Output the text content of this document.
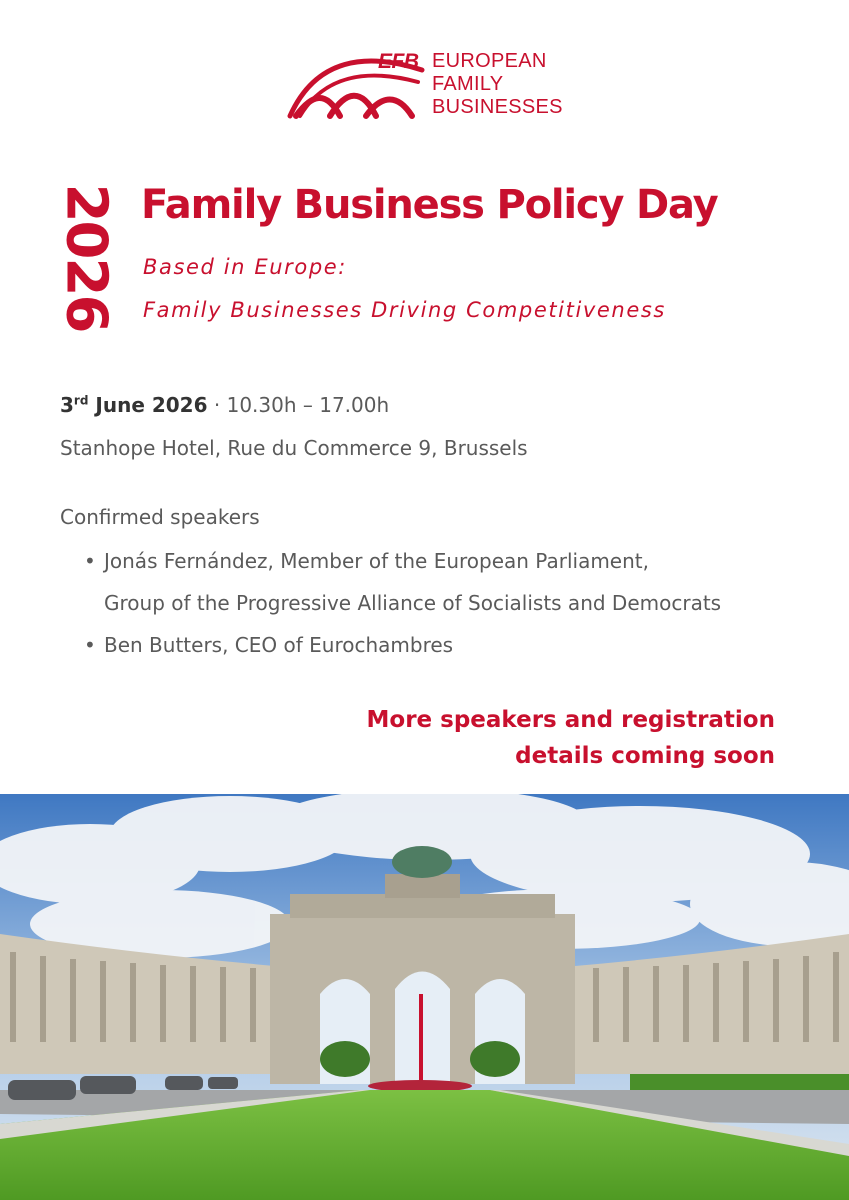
EFB EUROPEAN
FAMILY
BUSINESSES
2026 Family Business Policy Day
Based in Europe:
Family Businesses Driving Competitiveness
3rd June 2026 · 10.30h – 17.00h
Stanhope Hotel, Rue du Commerce 9, Brussels
Confirmed speakers
• Jonás Fernández, Member of the European Parliament,
Group of the Progressive Alliance of Socialists and Democrats
• Ben Butters, CEO of Eurochambres
More speakers and registration
details coming soon
